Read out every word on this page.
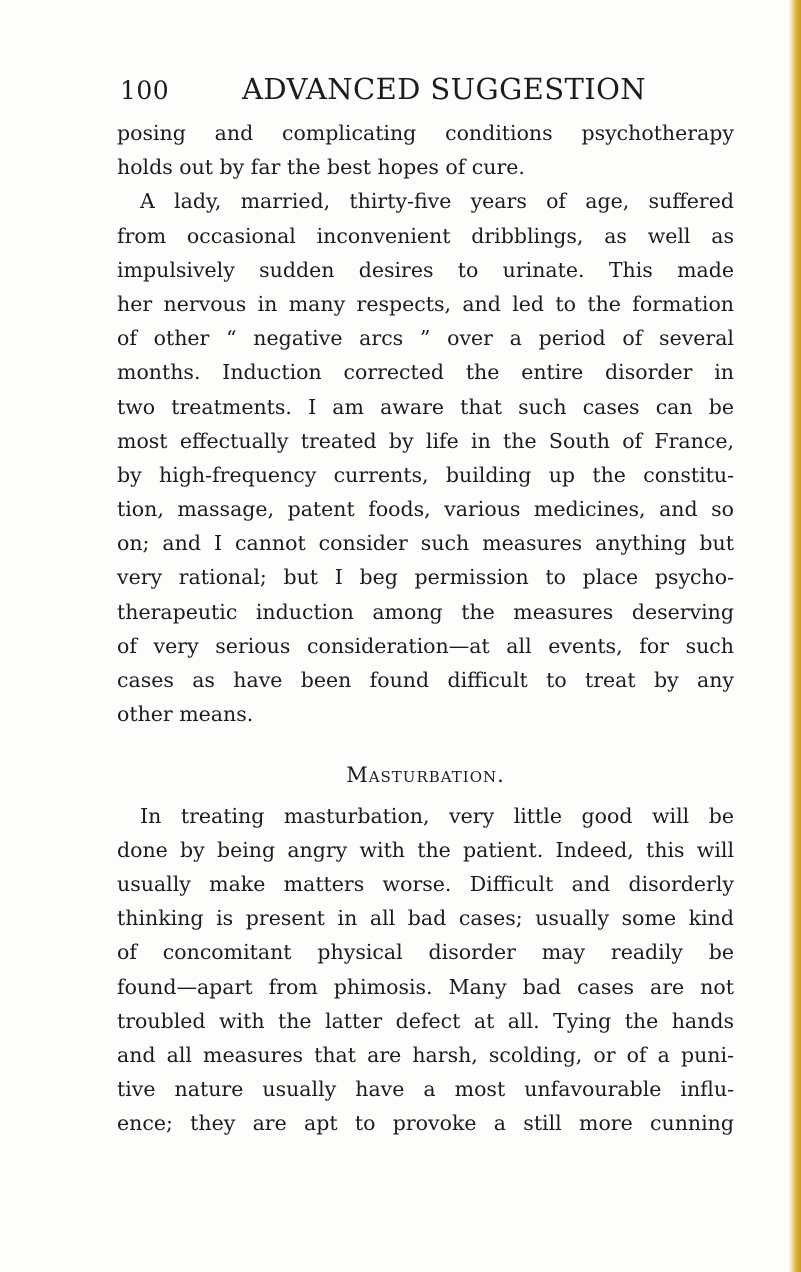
100	ADVANCED SUGGESTION
posing and complicating conditions psychotherapy
holds out by far the best hopes of cure.
A lady, married, thirty-five years of age, suffered
from occasional inconvenient dribblings, as well as
impulsively sudden desires to urinate. This made
her nervous in many respects, and led to the formation
of other “ negative arcs ” over a period of several
months. Induction corrected the entire disorder in
two treatments. I am aware that such cases can be
most effectually treated by life in the South of France,
by high-frequency currents, building up the constitu-
tion, massage, patent foods, various medicines, and so
on; and I cannot consider such measures anything but
very rational; but I beg permission to place psycho-
therapeutic induction among the measures deserving
of very serious consideration—at all events, for such
cases as have been found difficult to treat by any
other means.
Masturbation.
In treating masturbation, very little good will be
done by being angry with the patient. Indeed, this will
usually make matters worse. Difficult and disorderly
thinking is present in all bad cases; usually some kind
of concomitant physical disorder may readily be
found—apart from phimosis. Many bad cases are not
troubled with the latter defect at all. Tying the hands
and all measures that are harsh, scolding, or of a puni-
tive nature usually have a most unfavourable influ-
ence; they are apt to provoke a still more cunning
